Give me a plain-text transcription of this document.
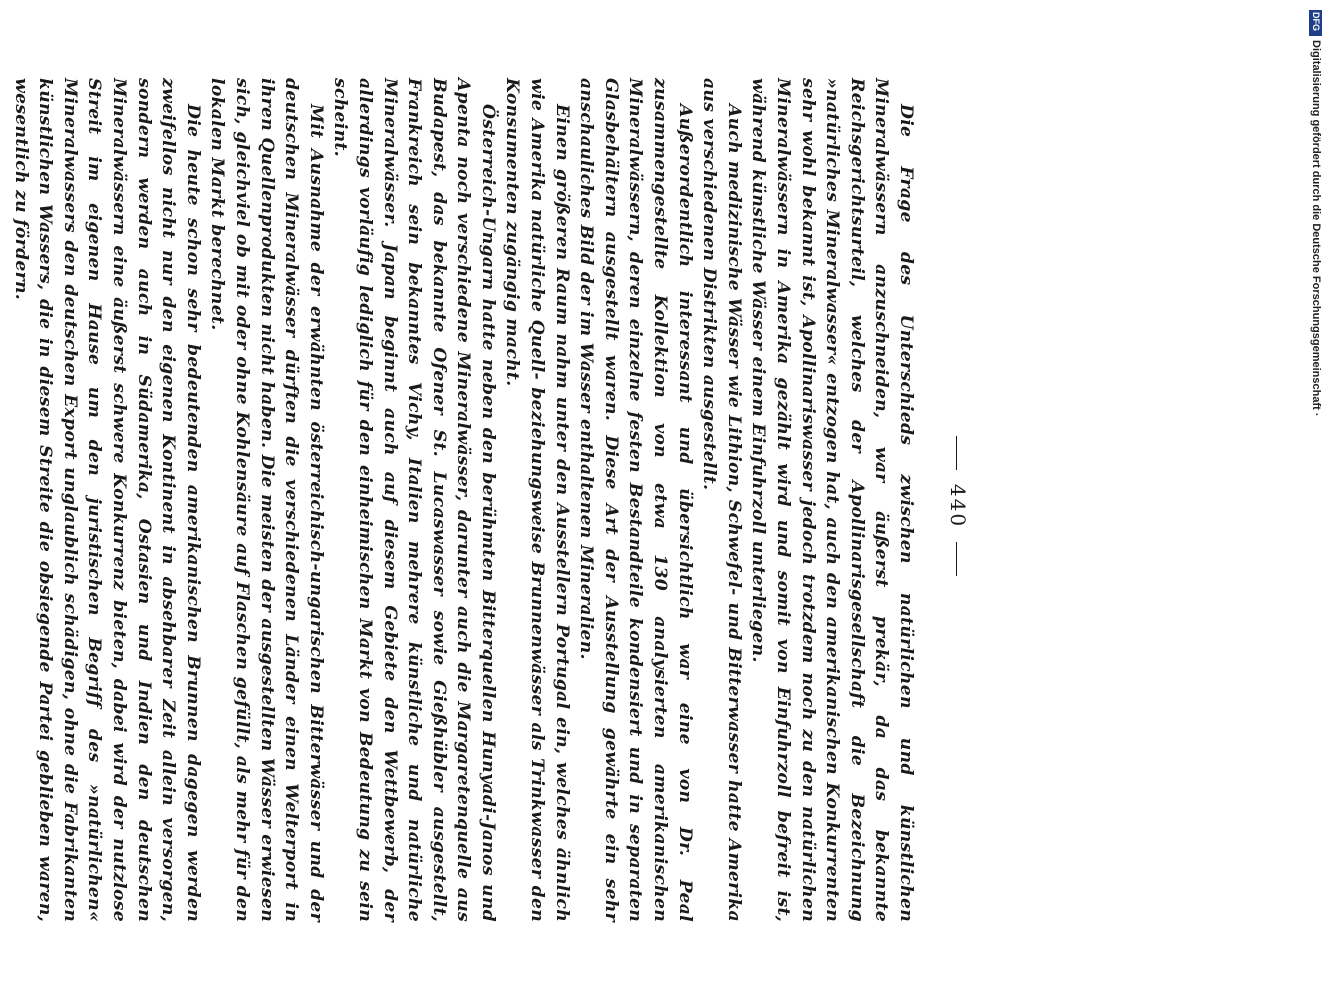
440

Die Frage des Unterschieds zwischen natürlichen und künstlichen Mineralwässern anzuschneiden, war äußerst prekär, da das bekannte Reichsgerichtsurteil, welches der Apollinarisgesellschaft die Bezeichnung »natürliches Mineralwasser« entzogen hat, auch den amerikanischen Konkurrenten sehr wohl bekannt ist, Apollinariswasser jedoch trotzdem noch zu den natürlichen Mineralwässern in Amerika gezählt wird und somit von Einfuhrzoll befreit ist, während künstliche Wässer einem Einfuhrzoll unterliegen.

Auch medizinische Wässer wie Lithion, Schwefel- und Bitterwasser hatte Amerika aus verschiedenen Distrikten ausgestellt.

Außerordentlich interessant und übersichtlich war eine von Dr. Peal zusammengestellte Kollektion von etwa 130 analysierten amerikanischen Mineralwässern, deren einzelne festen Bestandteile kondensiert und in separaten Glasbehältern ausgestellt waren. Diese Art der Ausstellung gewährte ein sehr anschauliches Bild der im Wasser enthaltenen Mineralien.

Einen größeren Raum nahm unter den Ausstellern Portugal ein, welches ähnlich wie Amerika natürliche Quell- beziehungsweise Brunnenwässer als Trinkwasser den Konsumenten zugängig macht.

Österreich-Ungarn hatte neben den berühmten Bitterquellen Hunyadi-Janos und Apenta noch verschiedene Mineralwässer, darunter auch die Margaretenquelle aus Budapest, das bekannte Ofener St. Lucaswasser sowie Gießhübler ausgestellt, Frankreich sein bekanntes Vichy, Italien mehrere künstliche und natürliche Mineralwässer. Japan beginnt auch auf diesem Gebiete den Wettbewerb, der allerdings vorläufig lediglich für den einheimischen Markt von Bedeutung zu sein scheint.

Mit Ausnahme der erwähnten österreichisch-ungarischen Bitterwässer und der deutschen Mineralwässer dürften die verschiedenen Länder einen Welterport in ihren Quellenprodukten nicht haben. Die meisten der ausgestellten Wässer erwiesen sich, gleichviel ob mit oder ohne Kohlensäure auf Flaschen gefüllt, als mehr für den lokalen Markt berechnet.

Die heute schon sehr bedeutenden amerikanischen Brunnen dagegen werden zweifellos nicht nur den eigenen Kontinent in absehbarer Zeit allein versorgen, sondern werden auch in Südamerika, Ostasien und Indien den deutschen Mineralwässern eine äußerst schwere Konkurrenz bieten, dabei wird der nutzlose Streit im eigenen Hause um den juristischen Begriff des »natürlichen« Mineralwassers den deutschen Export unglaublich schädigen, ohne die Fabrikanten künstlichen Wassers, die in diesem Streite die obsiegende Partei geblieben waren, wesentlich zu fördern.

DFG
Digitalisierung gefördert durch die Deutsche Forschungsgemeinschaft ·
